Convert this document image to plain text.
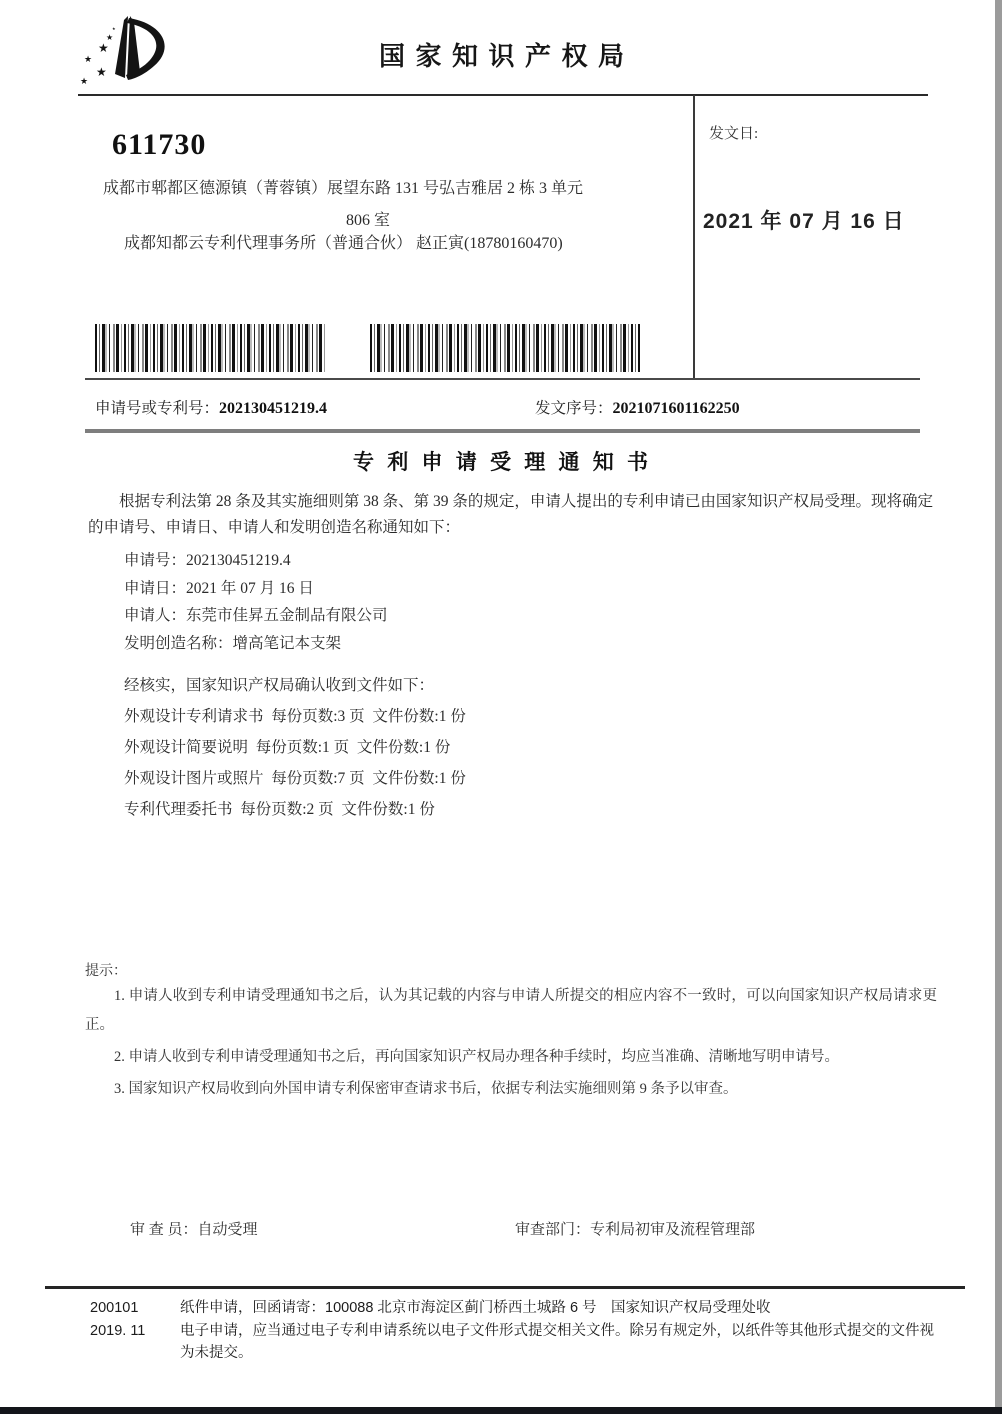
★
★
★
★
★
★
国 家 知 识 产 权 局
611730
成都市郫都区德源镇（菁蓉镇）展望东路 131 号弘吉雅居 2 栋 3 单元
806 室
成都知都云专利代理事务所（普通合伙） 赵正寅(18780160470)
发文日:
2021 年 07 月 16 日
申请号或专利号：202130451219.4	发文序号：2021071601162250
专 利 申 请 受 理 通 知 书
根据专利法第 28 条及其实施细则第 38 条、第 39 条的规定，申请人提出的专利申请已由国家知识产权局受理。现将确定的申请号、申请日、申请人和发明创造名称通知如下：
申请号：202130451219.4
申请日：2021 年 07 月 16 日
申请人：东莞市佳昇五金制品有限公司
发明创造名称：增高笔记本支架
经核实，国家知识产权局确认收到文件如下：
外观设计专利请求书  每份页数:3 页  文件份数:1 份
外观设计简要说明  每份页数:1 页  文件份数:1 份
外观设计图片或照片  每份页数:7 页  文件份数:1 份
专利代理委托书  每份页数:2 页  文件份数:1 份
提示：

1. 申请人收到专利申请受理通知书之后，认为其记载的内容与申请人所提交的相应内容不一致时，可以向国家知识产权局请求更正。

2. 申请人收到专利申请受理通知书之后，再向国家知识产权局办理各种手续时，均应当准确、清晰地写明申请号。

3. 国家知识产权局收到向外国申请专利保密审查请求书后，依据专利法实施细则第 9 条予以审查。

审 查 员：自动受理	审查部门：专利局初审及流程管理部
200101	纸件申请，回函请寄：100088 北京市海淀区蓟门桥西土城路 6 号　国家知识产权局受理处收
2019. 11	电子申请，应当通过电子专利申请系统以电子文件形式提交相关文件。除另有规定外，以纸件等其他形式提交的文件视为未提交。
